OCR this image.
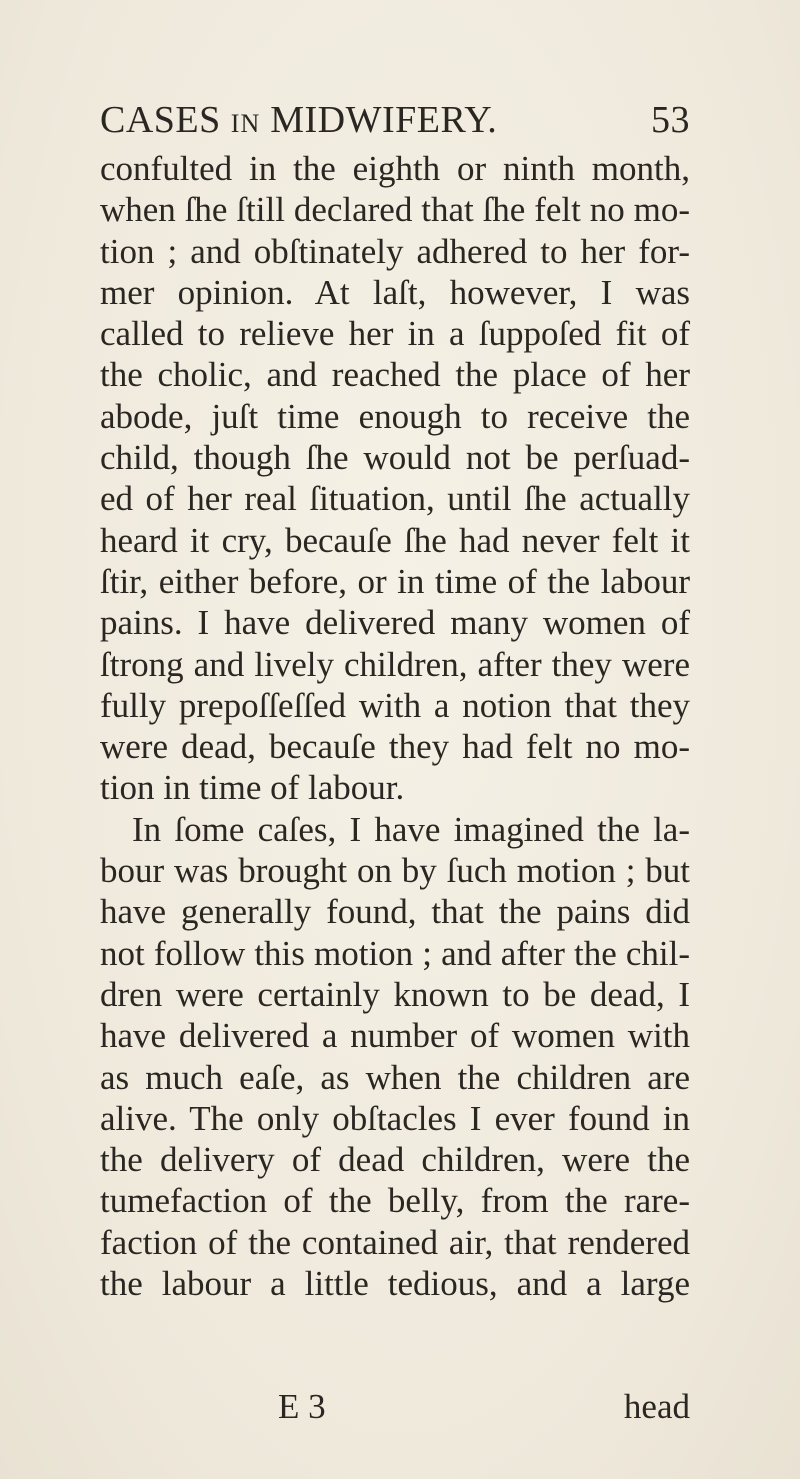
CASES IN MIDWIFERY.	53
confulted in the eighth or ninth month,
when ſhe ſtill declared that ſhe felt no mo-
tion ; and obſtinately adhered to her for-
mer opinion. At laſt, however, I was
called to relieve her in a ſuppoſed fit of
the cholic, and reached the place of her
abode, juſt time enough to receive the
child, though ſhe would not be perſuad-
ed of her real ſituation, until ſhe actually
heard it cry, becauſe ſhe had never felt it
ſtir, either before, or in time of the labour
pains. I have delivered many women of
ſtrong and lively children, after they were
fully prepoſſeſſed with a notion that they
were dead, becauſe they had felt no mo-
tion in time of labour.
In ſome caſes, I have imagined the la-
bour was brought on by ſuch motion ; but
have generally found, that the pains did
not follow this motion ; and after the chil-
dren were certainly known to be dead, I
have delivered a number of women with
as much eaſe, as when the children are
alive. The only obſtacles I ever found in
the delivery of dead children, were the
tumefaction of the belly, from the rare-
faction of the contained air, that rendered
the labour a little tedious, and a large
E 3	head
